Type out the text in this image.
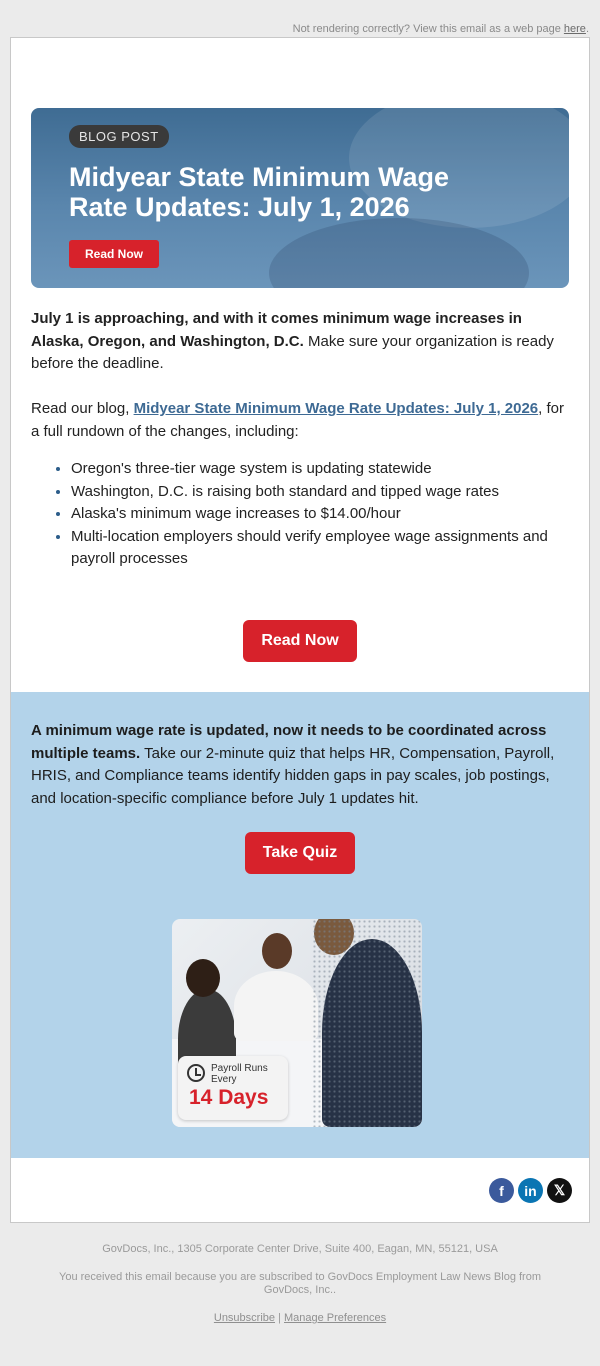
Not rendering correctly? View this email as a web page here.
BLOG POST
Midyear State Minimum Wage Rate Updates: July 1, 2026
Read Now
July 1 is approaching, and with it comes minimum wage increases in Alaska, Oregon, and Washington, D.C. Make sure your organization is ready before the deadline.
Read our blog, Midyear State Minimum Wage Rate Updates: July 1, 2026, for a full rundown of the changes, including:
• Oregon's three-tier wage system is updating statewide
• Washington, D.C. is raising both standard and tipped wage rates
• Alaska's minimum wage increases to $14.00/hour
• Multi-location employers should verify employee wage assignments and payroll processes
Read Now
A minimum wage rate is updated, now it needs to be coordinated across multiple teams. Take our 2-minute quiz that helps HR, Compensation, Payroll, HRIS, and Compliance teams identify hidden gaps in pay scales, job postings, and location-specific compliance before July 1 updates hit.
Take Quiz
Payroll Runs
Every
14 Days
f	in	𝕏
GovDocs, Inc., 1305 Corporate Center Drive, Suite 400, Eagan, MN, 55121, USA
You received this email because you are subscribed to GovDocs Employment Law News Blog from GovDocs, Inc..
Unsubscribe | Manage Preferences
